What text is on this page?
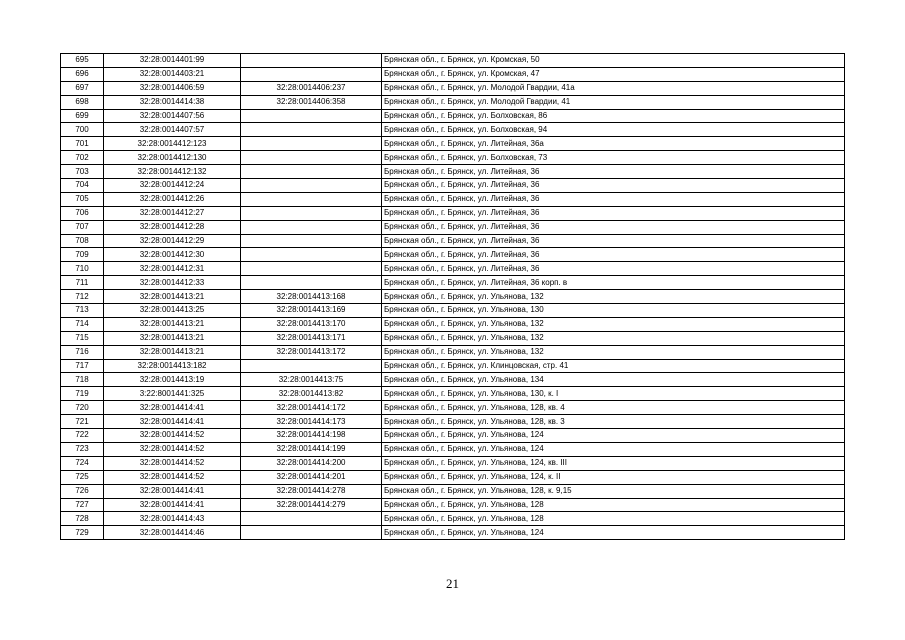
695	32:28:0014401:99		Брянская обл., г. Брянск, ул. Кромская, 50
696	32:28:0014403:21		Брянская обл., г. Брянск, ул. Кромская, 47
697	32:28:0014406:59	32:28:0014406:237	Брянская обл., г. Брянск, ул. Молодой Гвардии, 41а
698	32:28:0014414:38	32:28:0014406:358	Брянская обл., г. Брянск, ул. Молодой Гвардии, 41
699	32:28:0014407:56		Брянская обл., г. Брянск, ул. Болховская, 86
700	32:28:0014407:57		Брянская обл., г. Брянск, ул. Болховская, 94
701	32:28:0014412:123		Брянская обл., г. Брянск, ул. Литейная, 36а
702	32:28:0014412:130		Брянская обл., г. Брянск, ул. Болховская, 73
703	32:28:0014412:132		Брянская обл., г. Брянск, ул. Литейная, 36
704	32:28:0014412:24		Брянская обл., г. Брянск, ул. Литейная, 36
705	32:28:0014412:26		Брянская обл., г. Брянск, ул. Литейная, 36
706	32:28:0014412:27		Брянская обл., г. Брянск, ул. Литейная, 36
707	32:28:0014412:28		Брянская обл., г. Брянск, ул. Литейная, 36
708	32:28:0014412:29		Брянская обл., г. Брянск, ул. Литейная, 36
709	32:28:0014412:30		Брянская обл., г. Брянск, ул. Литейная, 36
710	32:28:0014412:31		Брянская обл., г. Брянск, ул. Литейная, 36
711	32:28:0014412:33		Брянская обл., г. Брянск, ул. Литейная, 36 корп. в
712	32:28:0014413:21	32:28:0014413:168	Брянская обл., г. Брянск, ул. Ульянова, 132
713	32:28:0014413:25	32:28:0014413:169	Брянская обл., г. Брянск, ул. Ульянова, 130
714	32:28:0014413:21	32:28:0014413:170	Брянская обл., г. Брянск, ул. Ульянова, 132
715	32:28:0014413:21	32:28:0014413:171	Брянская обл., г. Брянск, ул. Ульянова, 132
716	32:28:0014413:21	32:28:0014413:172	Брянская обл., г. Брянск, ул. Ульянова, 132
717	32:28:0014413:182		Брянская обл., г. Брянск, ул. Клинцовская, стр. 41
718	32:28:0014413:19	32:28:0014413:75	Брянская обл., г. Брянск, ул. Ульянова, 134
719	3:22:8001441:325	32:28:0014413:82	Брянская обл., г. Брянск, ул. Ульянова, 130, к. I
720	32:28:0014414:41	32:28:0014414:172	Брянская обл., г. Брянск, ул. Ульянова, 128, кв. 4
721	32:28:0014414:41	32:28:0014414:173	Брянская обл., г. Брянск, ул. Ульянова, 128, кв. 3
722	32:28:0014414:52	32:28:0014414:198	Брянская обл., г. Брянск, ул. Ульянова, 124
723	32:28:0014414:52	32:28:0014414:199	Брянская обл., г. Брянск, ул. Ульянова, 124
724	32:28:0014414:52	32:28:0014414:200	Брянская обл., г. Брянск, ул. Ульянова, 124, кв. III
725	32:28:0014414:52	32:28:0014414:201	Брянская обл., г. Брянск, ул. Ульянова, 124, к. II
726	32:28:0014414:41	32:28:0014414:278	Брянская обл., г. Брянск, ул. Ульянова, 128, к. 9,15
727	32:28:0014414:41	32:28:0014414:279	Брянская обл., г. Брянск, ул. Ульянова, 128
728	32:28:0014414:43		Брянская обл., г. Брянск, ул. Ульянова, 128
729	32:28:0014414:46		Брянская обл., г. Брянск, ул. Ульянова, 124
21
